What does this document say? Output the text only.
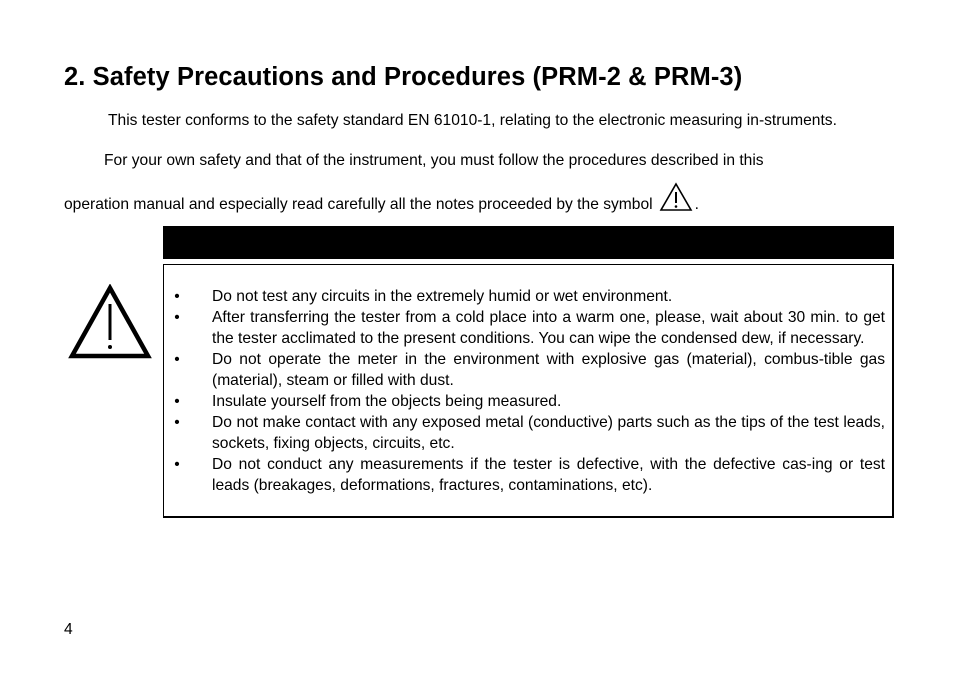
2. Safety Precautions and Procedures (PRM-2 & PRM-3)

This tester conforms to the safety standard EN 61010-1, relating to the electronic measuring in-struments.

For your own safety and that of the instrument, you must follow the procedures described in this
operation manual and especially read carefully all the notes proceeded by the symbol	.

• Do not test any circuits in the extremely humid or wet environment.
• After transferring the tester from a cold place into a warm one, please, wait about 30 min. to get the tester acclimated to the present conditions. You can wipe the condensed dew, if necessary.
• Do not operate the meter in the environment with explosive gas (material), combus-tible gas (material), steam or filled with dust.
• Insulate yourself from the objects being measured.
• Do not make contact with any exposed metal (conductive) parts such as the tips of the test leads, sockets, fixing objects, circuits, etc.
• Do not conduct any measurements if the tester is defective, with the defective cas-ing or test leads (breakages, deformations, fractures, contaminations, etc).
4
